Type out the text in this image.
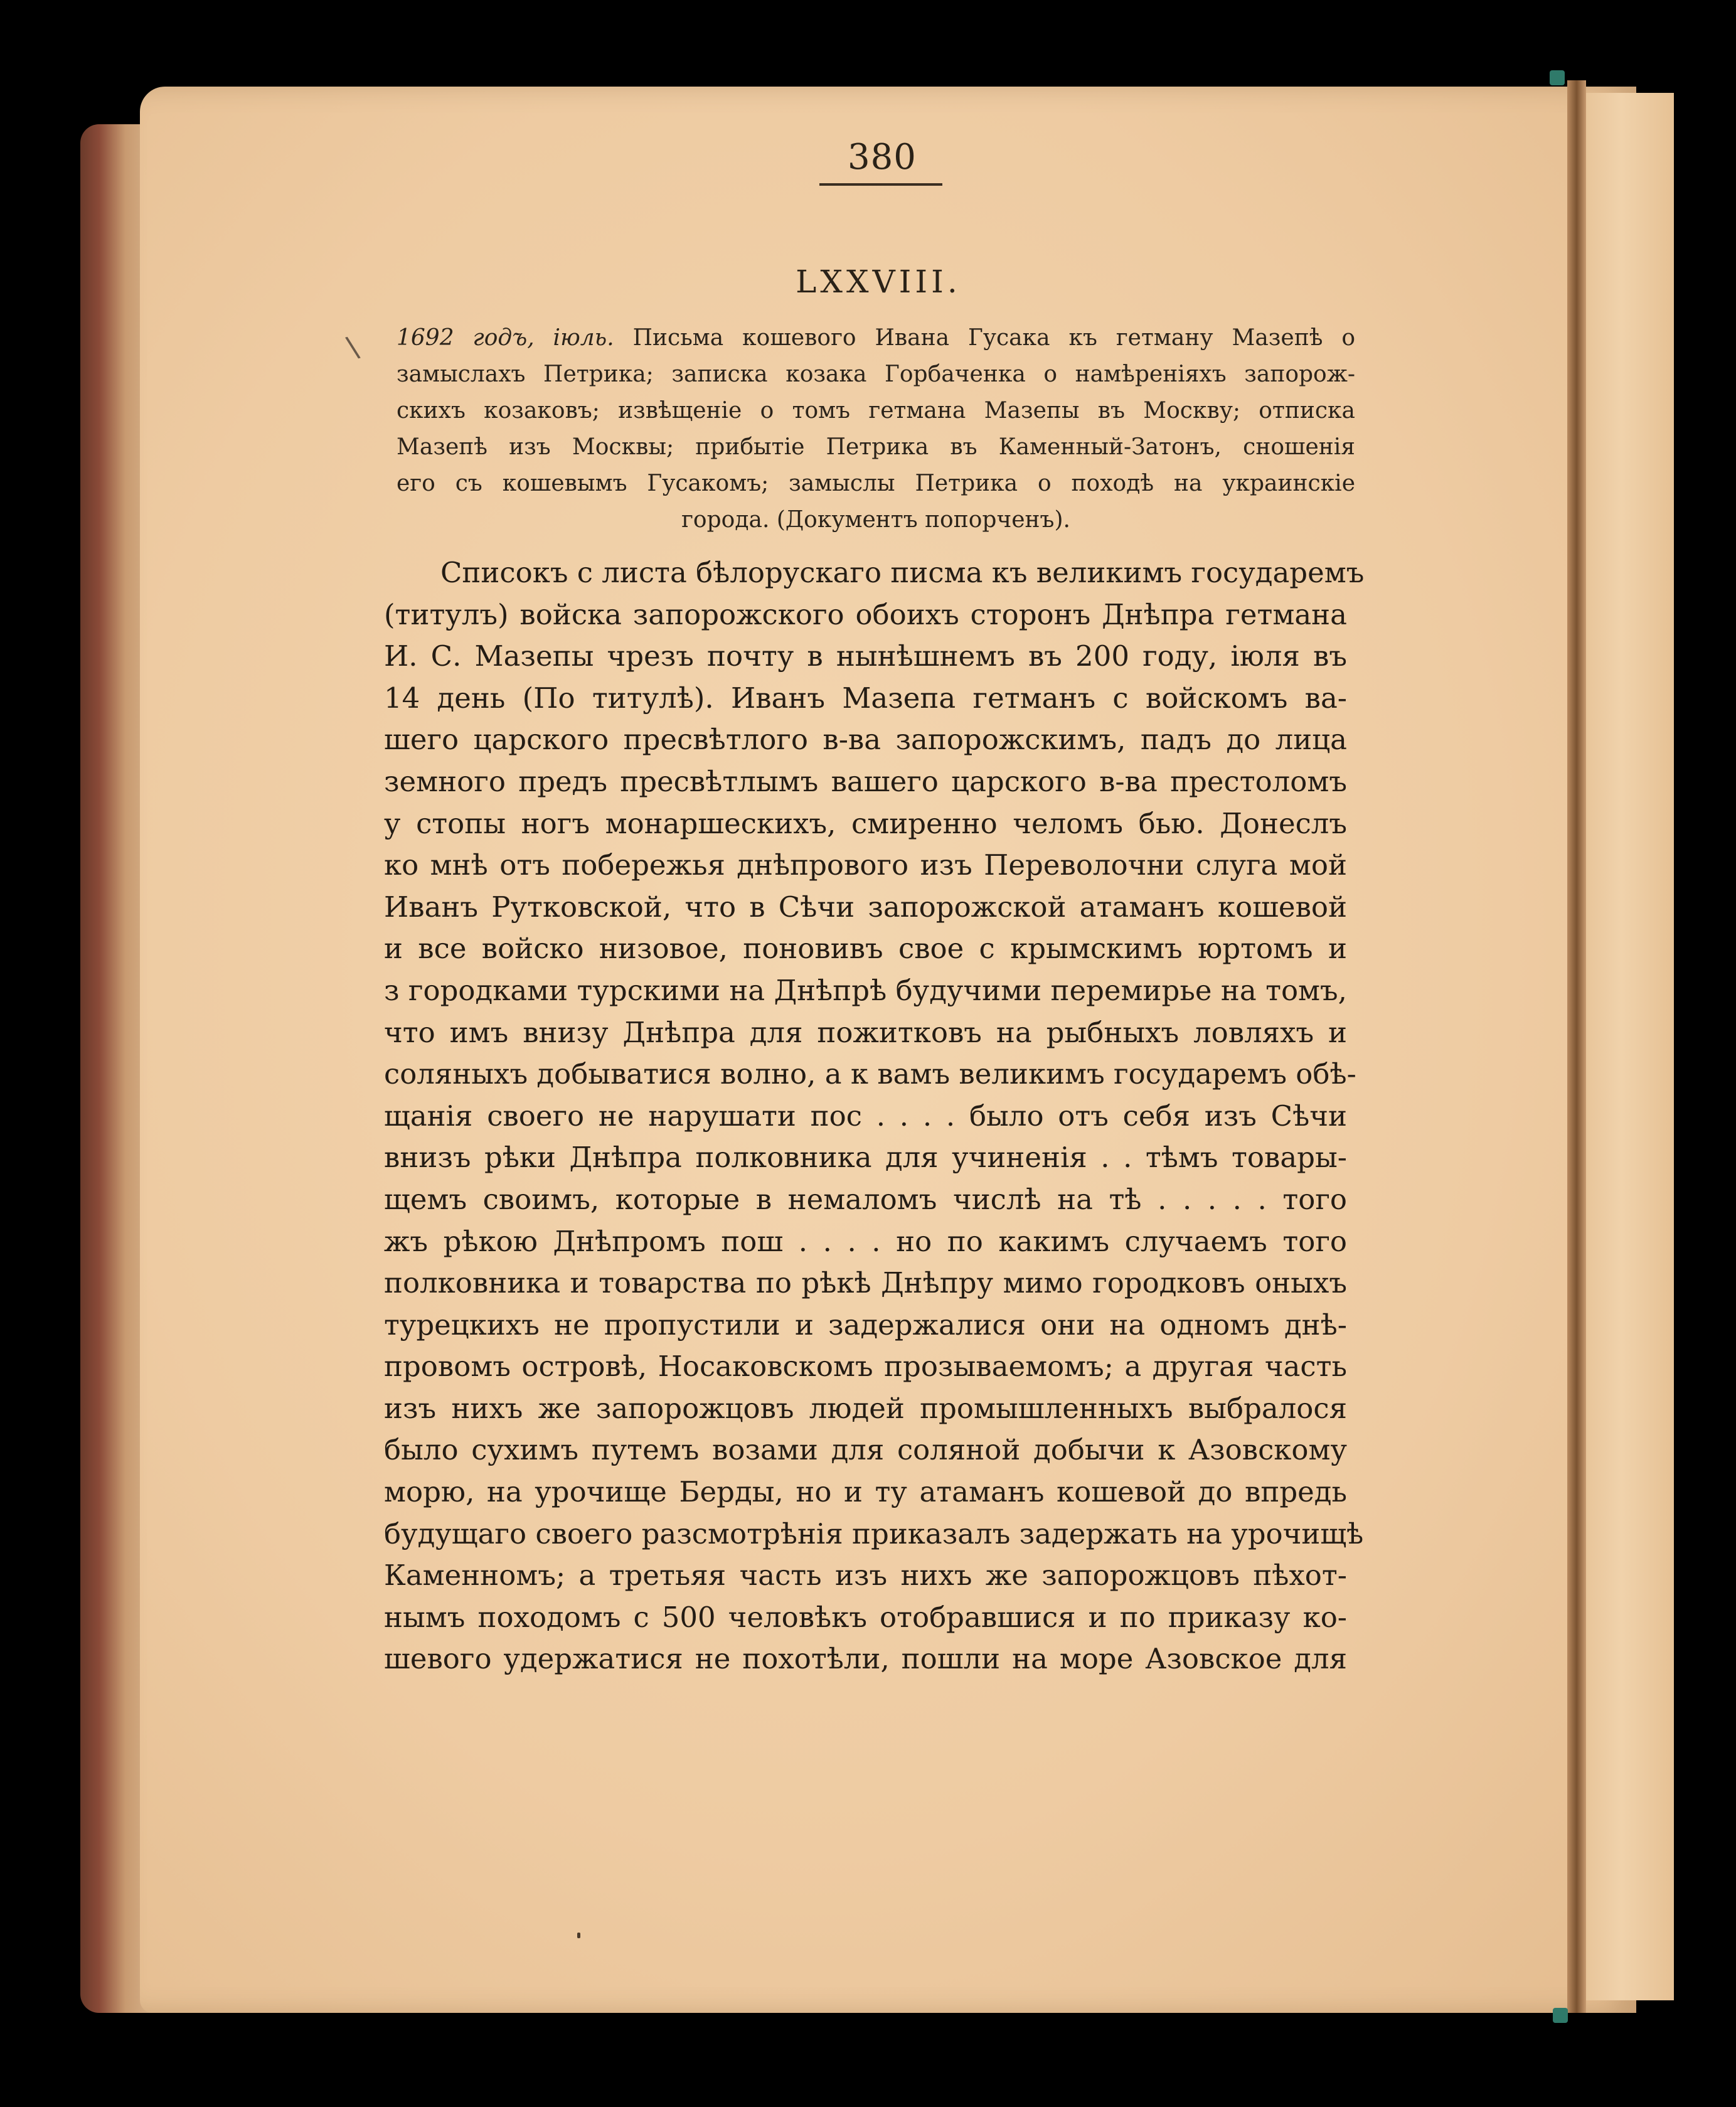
380
LXXVIII.
∖ 1692 годъ, іюль. Письма кошевого Ивана Гусака къ гетману Мазепѣ о
замыслахъ Петрика; записка козака Горбаченка о намѣреніяхъ запорож-
скихъ козаковъ; извѣщеніе о томъ гетмана Мазепы въ Москву; отписка
Мазепѣ изъ Москвы; прибытіе Петрика въ Каменный-Затонъ, сношенія
его съ кошевымъ Гусакомъ; замыслы Петрика о походѣ на украинскіе
города. (Документъ попорченъ).
Списокъ с листа бѣлорускаго писма къ великимъ государемъ
(титулъ) войска запорожского обоихъ сторонъ Днѣпра гетмана
И. С. Мазепы чрезъ почту в нынѣшнемъ въ 200 году, іюля въ
14 день (По титулѣ). Иванъ Мазепа гетманъ с войскомъ ва-
шего царского пресвѣтлого в-ва запорожскимъ, падъ до лица
земного предъ пресвѣтлымъ вашего царского в-ва престоломъ
у стопы ногъ монаршескихъ, смиренно челомъ бью. Донеслъ
ко мнѣ отъ побережья днѣпрового изъ Переволочни слуга мой
Иванъ Рутковской, что в Сѣчи запорожской атаманъ кошевой
и все войско низовое, поновивъ свое с крымскимъ юртомъ и
з городками турскими на Днѣпрѣ будучими перемирье на томъ,
что имъ внизу Днѣпра для пожитковъ на рыбныхъ ловляхъ и
соляныхъ добыватися волно, а к вамъ великимъ государемъ обѣ-
щанія своего не нарушати пос . . . . было отъ себя изъ Сѣчи
внизъ рѣки Днѣпра полковника для учиненія . . тѣмъ товары-
щемъ своимъ, которые в немаломъ числѣ на тѣ . . . . . того
жъ рѣкою Днѣпромъ пош . . . . но по какимъ случаемъ того
полковника и товарства по рѣкѣ Днѣпру мимо городковъ оныхъ
турецкихъ не пропустили и задержалися они на одномъ днѣ-
провомъ островѣ, Носаковскомъ прозываемомъ; а другая часть
изъ нихъ же запорожцовъ людей промышленныхъ выбралося
было сухимъ путемъ возами для соляной добычи к Азовскому
морю, на урочище Берды, но и ту атаманъ кошевой до впредь
будущаго своего разсмотрѣнія приказалъ задержать на урочищѣ
Каменномъ; а третьяя часть изъ нихъ же запорожцовъ пѣхот-
нымъ походомъ с 500 человѣкъ отобравшися и по приказу ко-
шевого удержатися не похотѣли, пошли на море Азовское для
